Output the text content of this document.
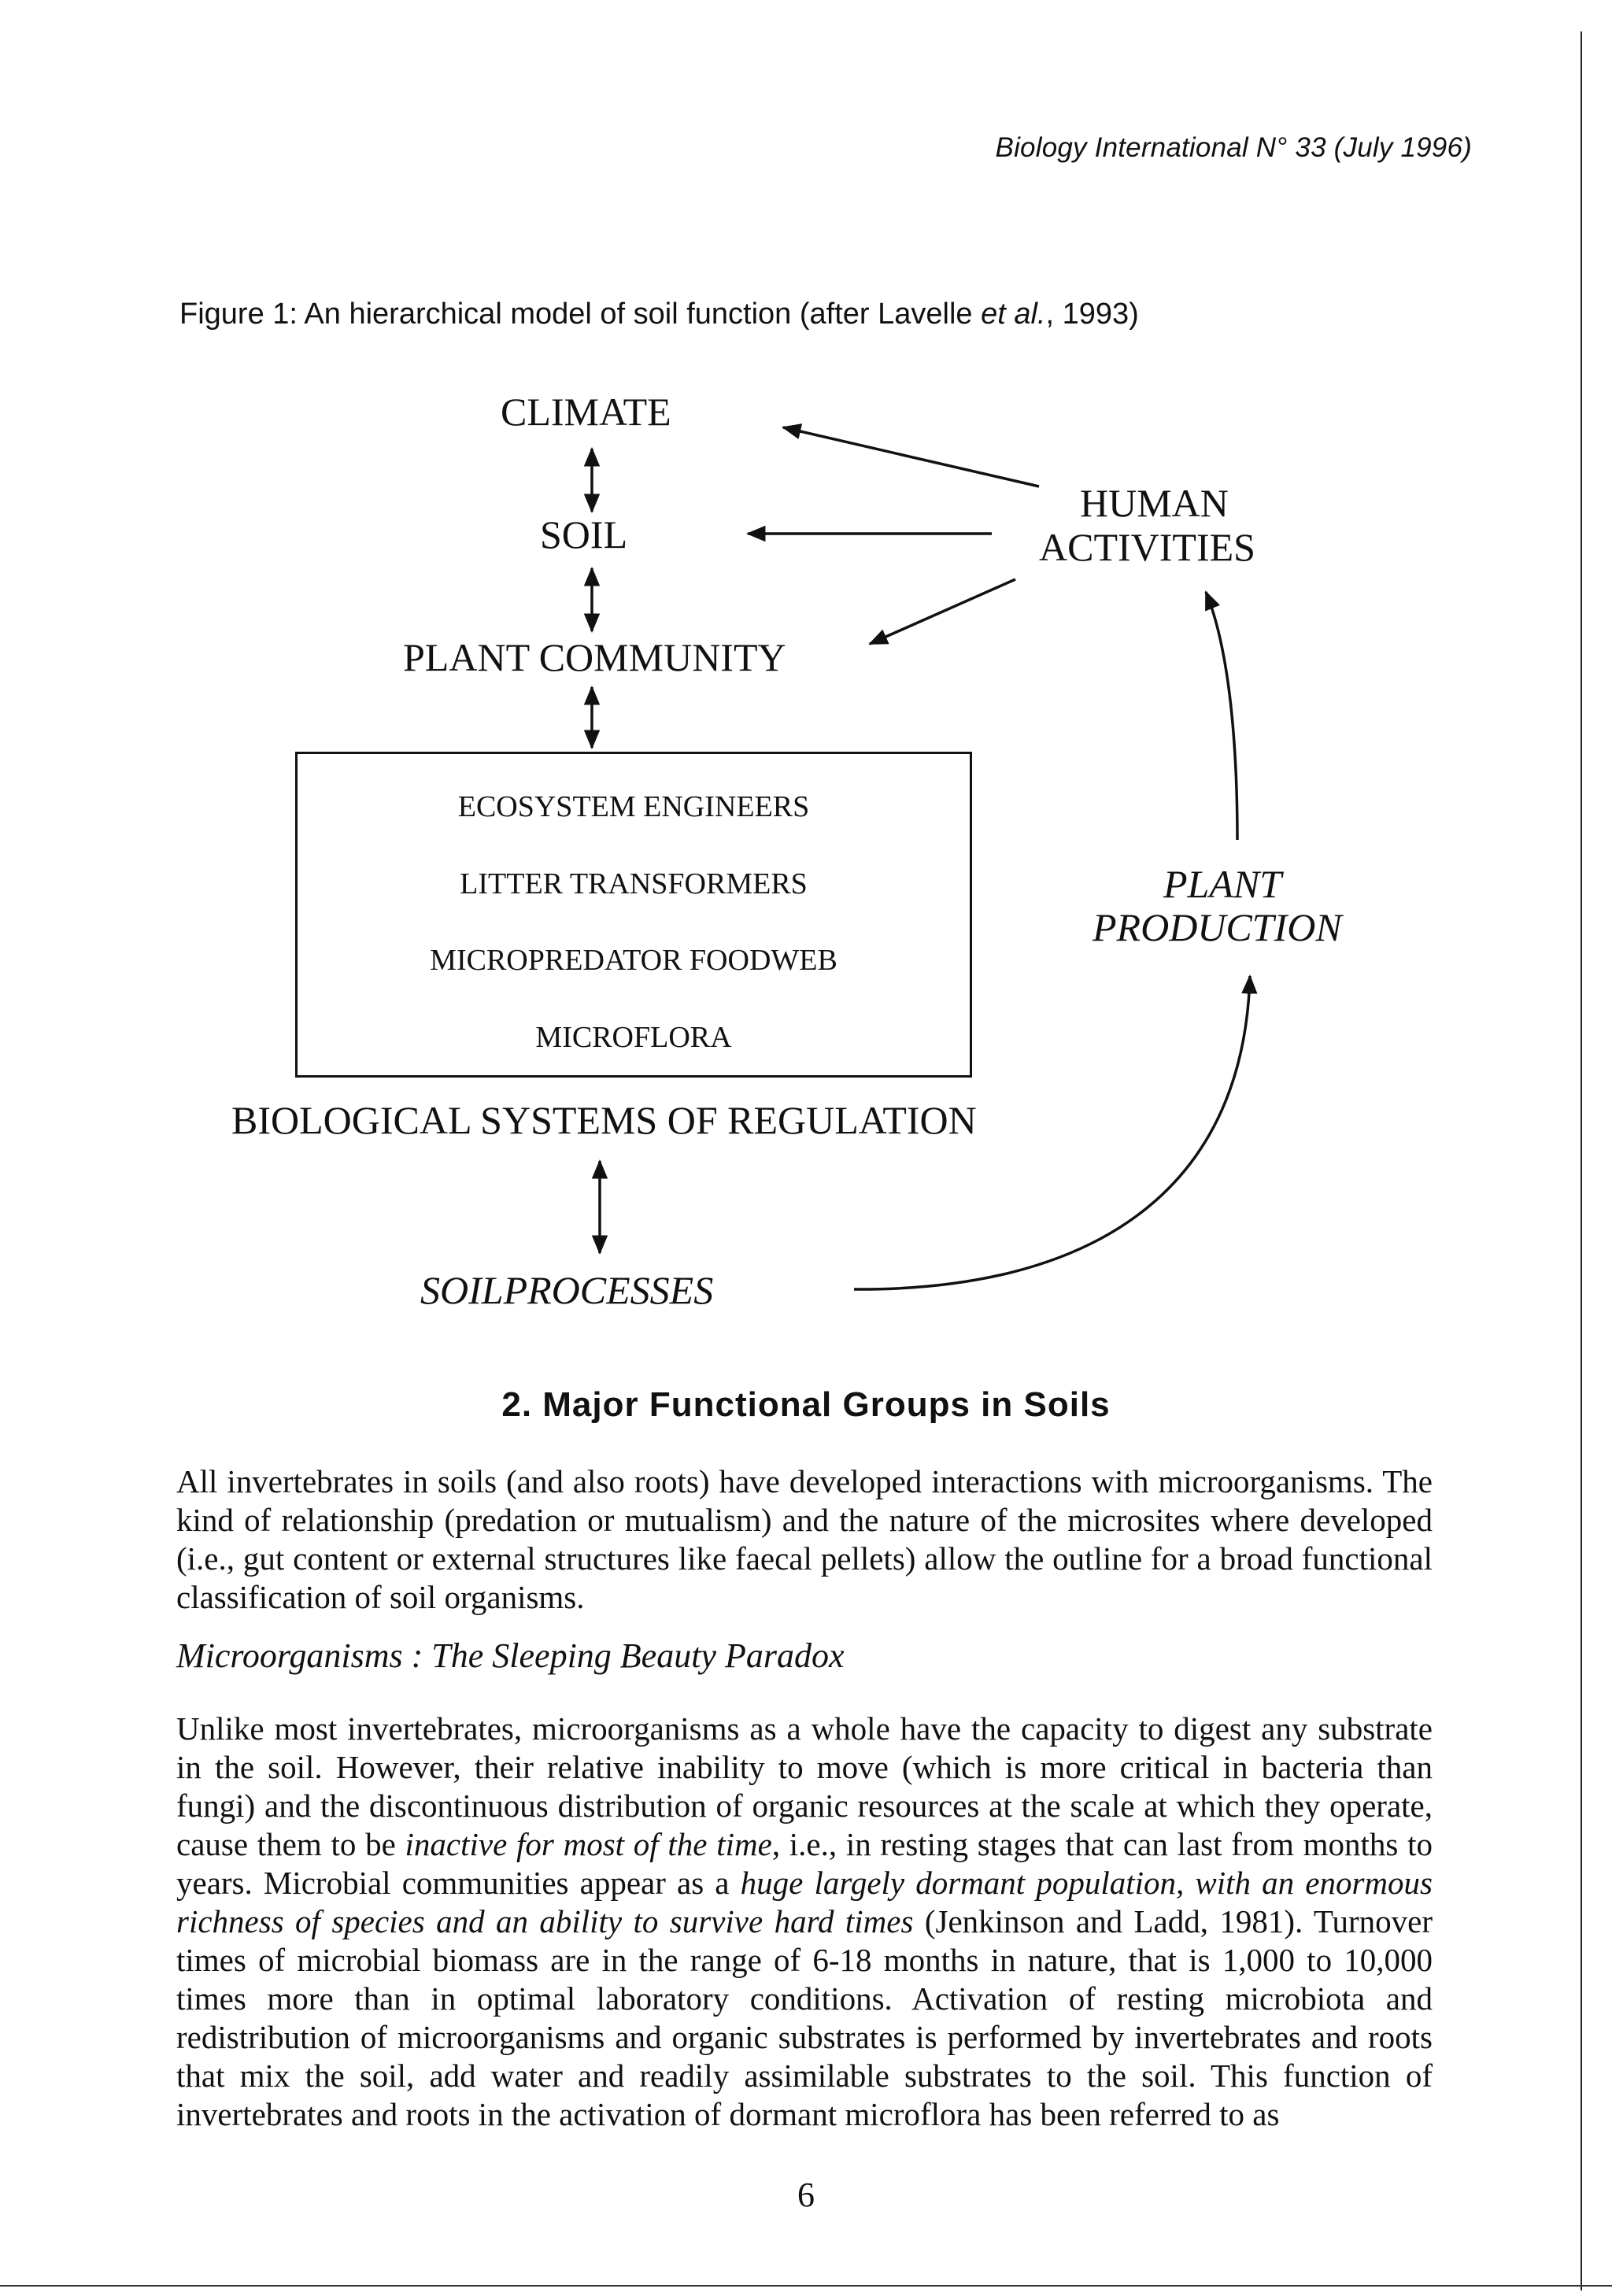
Biology International N° 33 (July 1996)
Figure 1: An hierarchical model of soil function (after Lavelle et al., 1993)
CLIMATE
SOIL
PLANT COMMUNITY
HUMAN
ACTIVITIES
PLANT
PRODUCTION
ECOSYSTEM ENGINEERS
LITTER TRANSFORMERS
MICROPREDATOR FOODWEB
MICROFLORA
BIOLOGICAL SYSTEMS OF REGULATION
SOILPROCESSES
2. Major Functional Groups in Soils
All invertebrates in soils (and also roots) have developed interactions with microorganisms. The kind of relationship (predation or mutualism) and the nature of the microsites where developed (i.e., gut content or external structures like faecal pellets) allow the outline for a broad functional classification of soil organisms.
Microorganisms : The Sleeping Beauty Paradox
Unlike most invertebrates, microorganisms as a whole have the capacity to digest any substrate in the soil. However, their relative inability to move (which is more critical in bacteria than fungi) and the discontinuous distribution of organic resources at the scale at which they operate, cause them to be inactive for most of the time, i.e., in resting stages that can last from months to years. Microbial communities appear as a huge largely dormant population, with an enormous richness of species and an ability to survive hard times (Jenkinson and Ladd, 1981). Turnover times of microbial biomass are in the range of 6-18 months in nature, that is 1,000 to 10,000 times more than in optimal laboratory conditions. Activation of resting microbiota and redistribution of microorganisms and organic substrates is performed by invertebrates and roots that mix the soil, add water and readily assimilable substrates to the soil. This function of invertebrates and roots in the activation of dormant microflora has been referred to as
6
